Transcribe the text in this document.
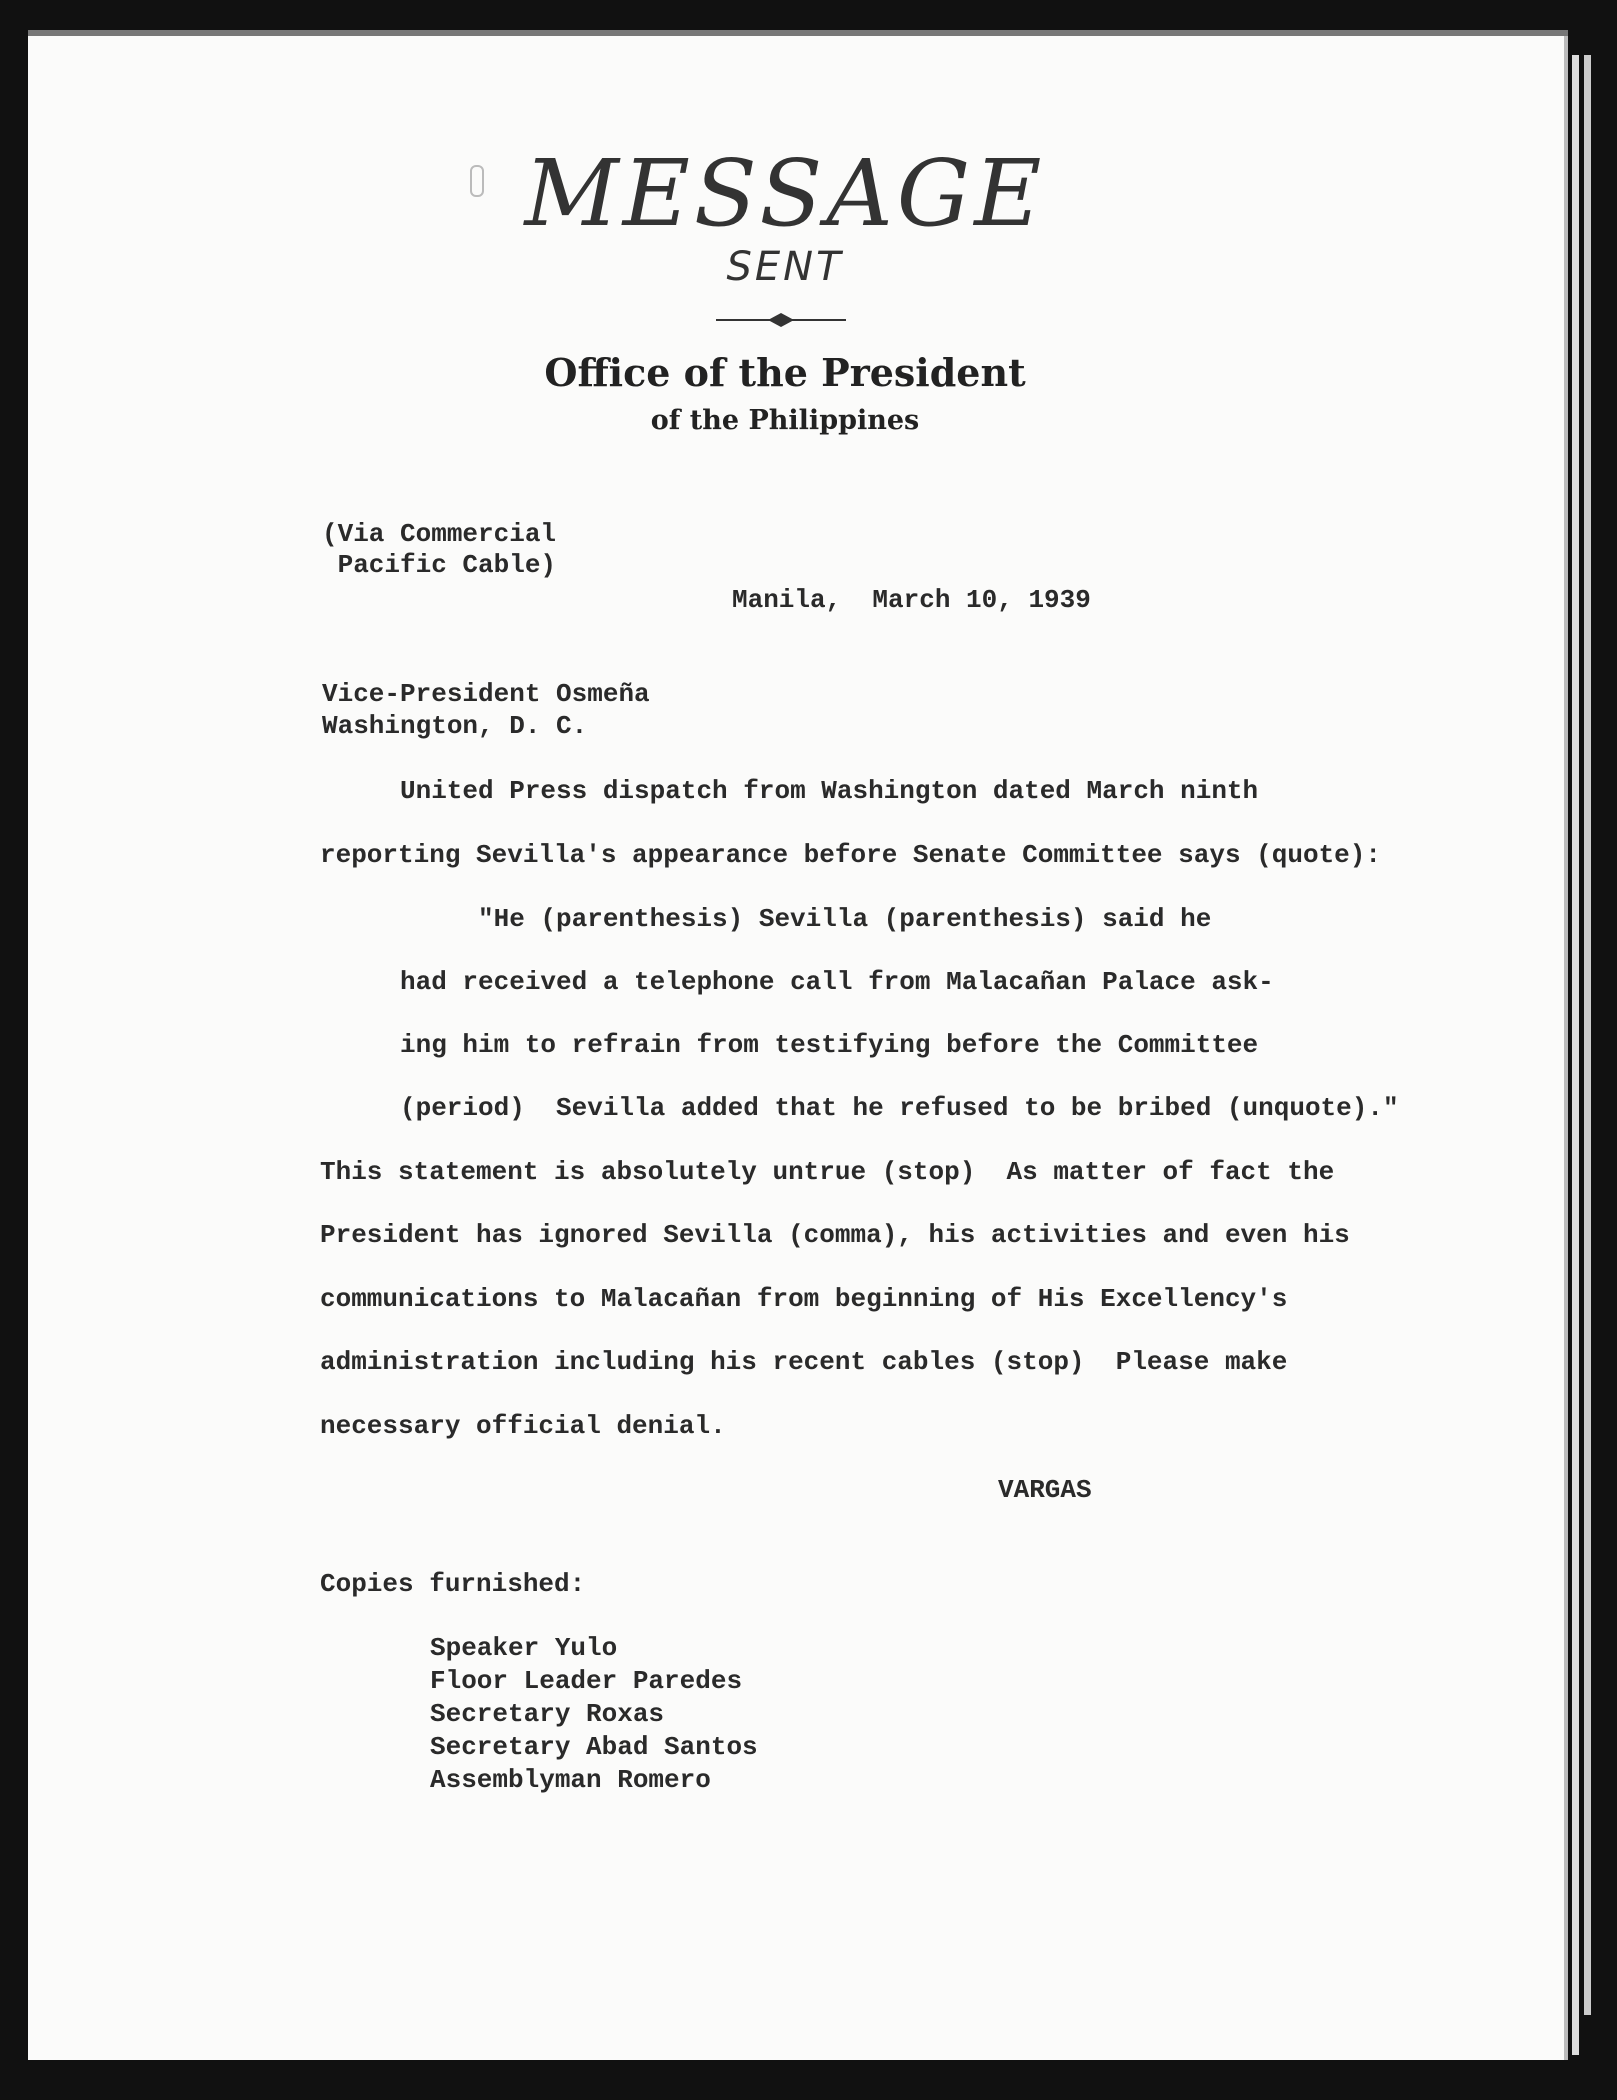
MESSAGE
SENT
Office of the President
of the Philippines
(Via Commercial
Pacific Cable)
Manila,  March 10, 1939
Vice-President Osmeña
Washington, D. C.
United Press dispatch from Washington dated March ninth
reporting Sevilla's appearance before Senate Committee says (quote):
"He (parenthesis) Sevilla (parenthesis) said he
had received a telephone call from Malacañan Palace ask-
ing him to refrain from testifying before the Committee
(period)  Sevilla added that he refused to be bribed (unquote)."
This statement is absolutely untrue (stop)  As matter of fact the
President has ignored Sevilla (comma), his activities and even his
communications to Malacañan from beginning of His Excellency's
administration including his recent cables (stop)  Please make
necessary official denial.
VARGAS
Copies furnished:
Speaker Yulo
Floor Leader Paredes
Secretary Roxas
Secretary Abad Santos
Assemblyman Romero
